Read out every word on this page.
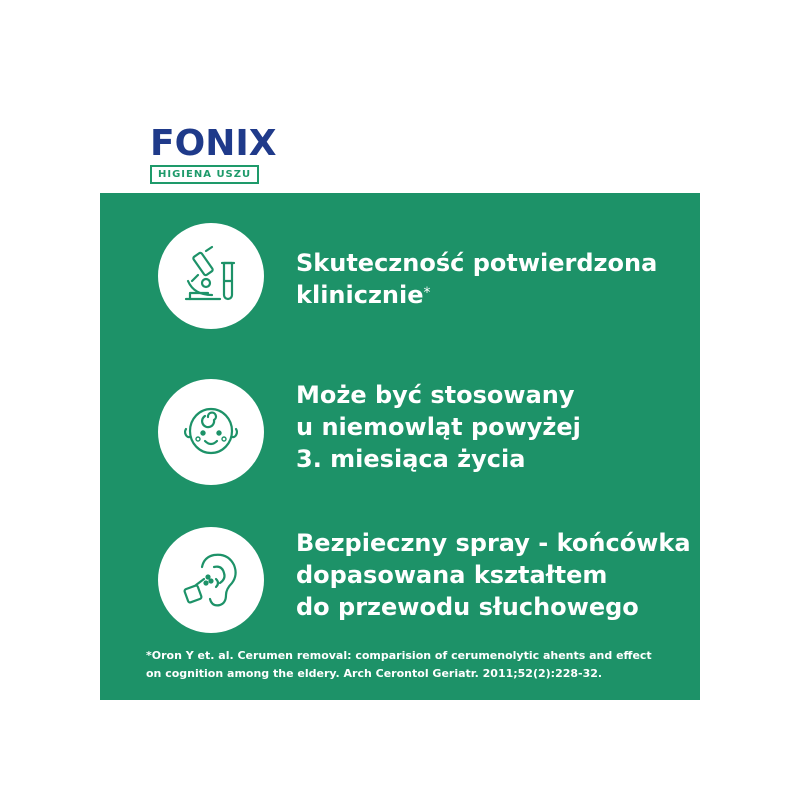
FONIX
HIGIENA USZU
Skuteczność potwierdzona
klinicznie*
Może być stosowany
u niemowląt powyżej
3. miesiąca życia
Bezpieczny spray - końcówka
dopasowana kształtem
do przewodu słuchowego
*Oron Y et. al. Cerumen removal: comparision of cerumenolytic ahents and effect
on cognition among the eldery. Arch Cerontol Geriatr. 2011;52(2):228-32.
